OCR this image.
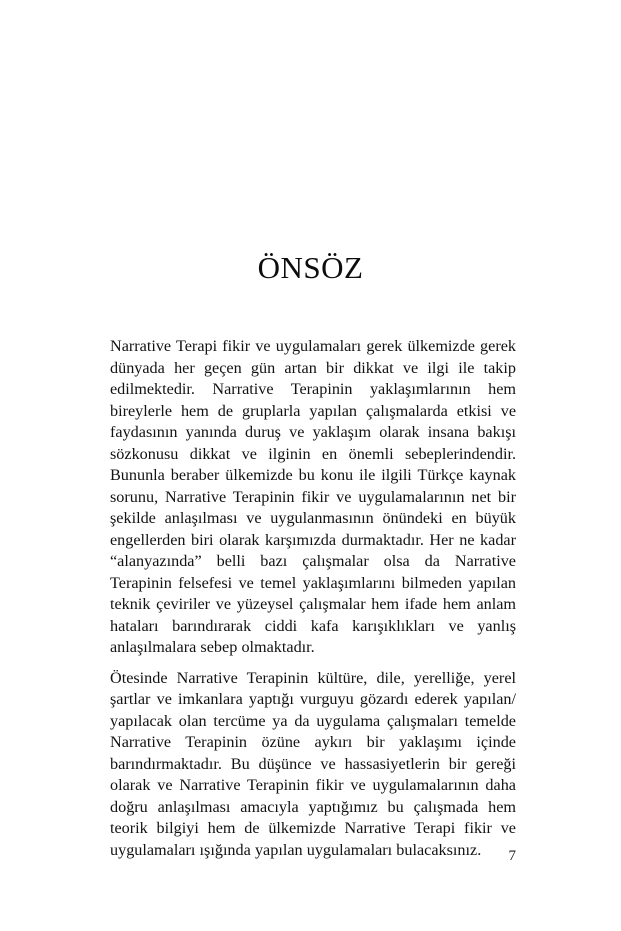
ÖNSÖZ

Narrative Terapi fikir ve uygulamaları gerek ülkemizde gerek dünyada her geçen gün artan bir dikkat ve ilgi ile takip edilmektedir. Narrative Terapinin yaklaşımlarının hem bireylerle hem de gruplarla yapılan çalışmalarda etkisi ve faydasının yanında duruş ve yaklaşım olarak insana bakışı sözkonusu dikkat ve ilginin en önemli sebeplerindendir. Bununla beraber ülkemizde bu konu ile ilgili Türkçe kaynak sorunu, Narrative Terapinin fikir ve uygulamalarının net bir şekilde anlaşılması ve uygulanmasının önündeki en büyük engellerden biri olarak karşımızda durmaktadır. Her ne kadar “alanyazında” belli bazı çalışmalar olsa da Narrative Terapinin felsefesi ve temel yaklaşımlarını bilmeden yapılan teknik çeviriler ve yüzeysel çalışmalar hem ifade hem anlam hataları barındırarak ciddi kafa karışıklıkları ve yanlış anlaşılmalara sebep olmaktadır.

Ötesinde Narrative Terapinin kültüre, dile, yerelliğe, yerel şartlar ve imkanlara yaptığı vurguyu gözardı ederek yapılan/ yapılacak olan tercüme ya da uygulama çalışmaları temelde Narrative Terapinin özüne aykırı bir yaklaşımı içinde barındırmaktadır. Bu düşünce ve hassasiyetlerin bir gereği olarak ve Narrative Terapinin fikir ve uygulamalarının daha doğru anlaşılması amacıyla yaptığımız bu çalışmada hem teorik bilgiyi hem de ülkemizde Narrative Terapi fikir ve uygulamaları ışığında yapılan uygulamaları bulacaksınız.	7
